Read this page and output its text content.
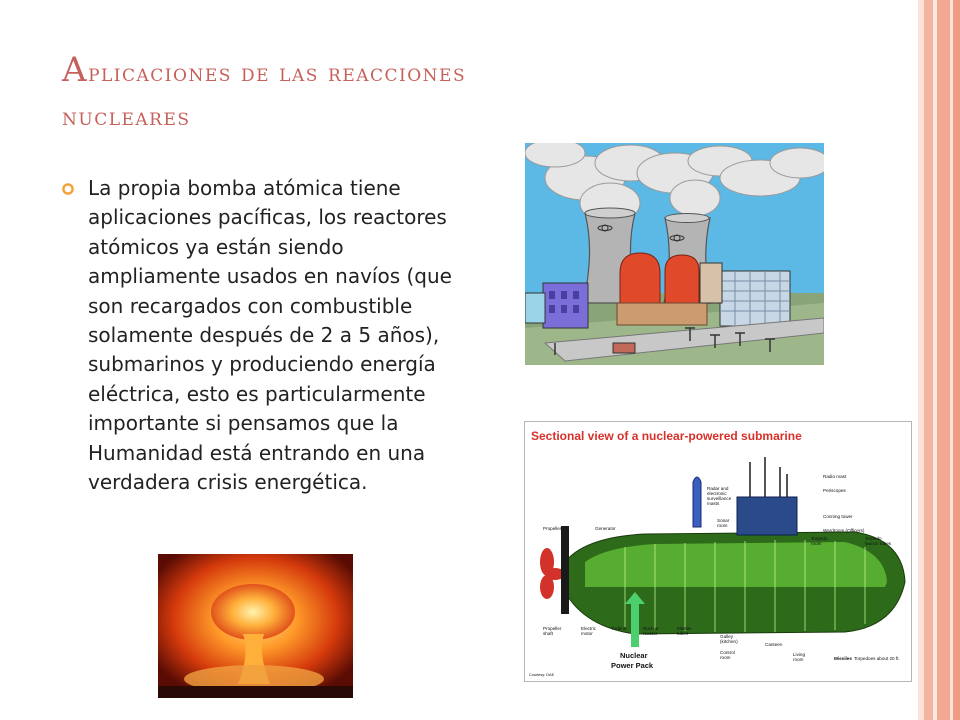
Aplicaciones de las reacciones
nucleares
La propia bomba atómica tiene aplicaciones pacíficas, los reactores atómicos ya están siendo ampliamente usados en navíos (que son recargados con combustible solamente después de 2 a 5 años), submarinos y produciendo energía eléctrica, esto es particularmente importante si pensamos que la Humanidad está entrando en una verdadera crisis energética.
Sectional view of a nuclear-powered submarine
Radio mast
Periscopes
Conning tower
Wardroom (Officers)
Radar and
electronic
surveillance
masts
Sonar
room
Propeller	Generator
Torpedo
room
Torpedo
launch tubes
Propeller
shaft
Electric
motor
Turbine	Nuclear
reactor
Missile
tubes
Galley
(kitchen)
Canteen
Control
room
Living
room	Missiles Torpedoes about 20 ft.
Courtesy: DAE
Nuclear
Power Pack
